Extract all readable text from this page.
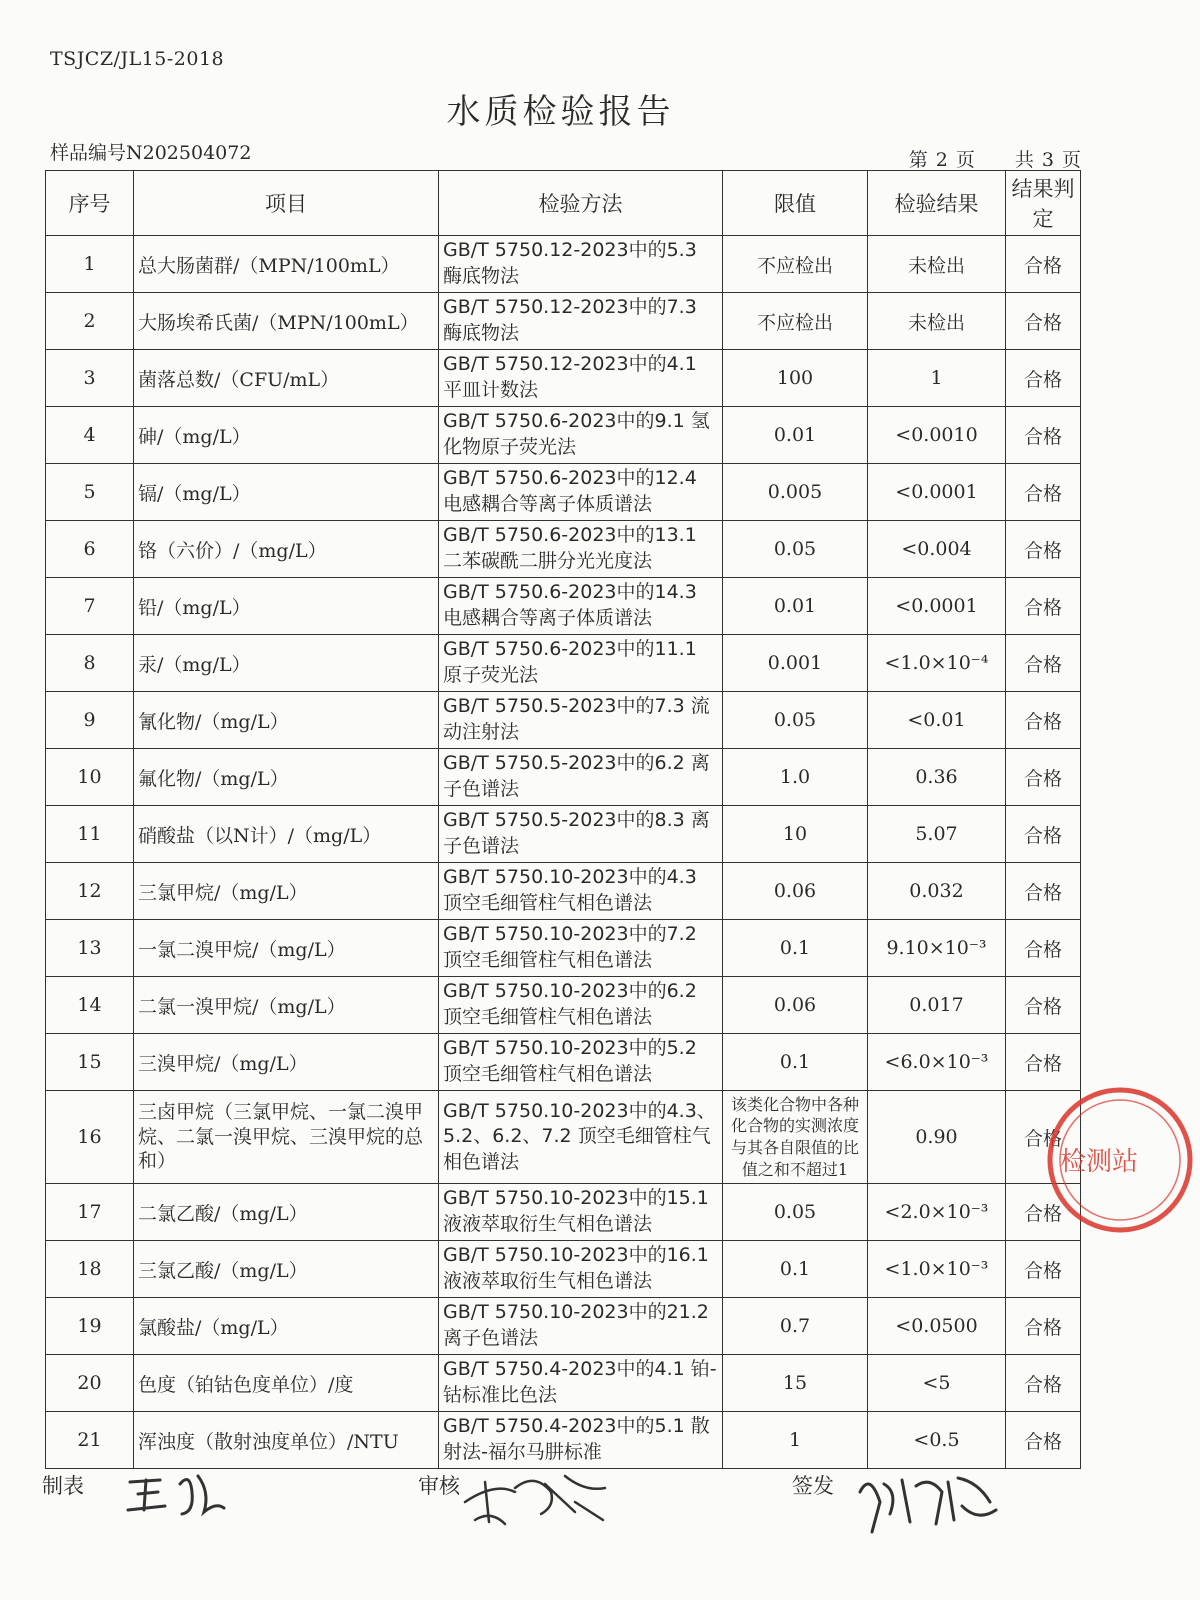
TSJCZ/JL15-2018
水质检验报告
样品编号N202504072	第 2 页 共 3 页
序号	项目	检验方法	限值	检验结果	结果判定
1	总大肠菌群/（MPN/100mL）	GB/T 5750.12-2023中的5.3 酶底物法	不应检出	未检出	合格
2	大肠埃希氏菌/（MPN/100mL）	GB/T 5750.12-2023中的7.3 酶底物法	不应检出	未检出	合格
3	菌落总数/（CFU/mL）	GB/T 5750.12-2023中的4.1 平皿计数法	100	1	合格
4	砷/（mg/L）	GB/T 5750.6-2023中的9.1 氢化物原子荧光法	0.01	<0.0010	合格
5	镉/（mg/L）	GB/T 5750.6-2023中的12.4 电感耦合等离子体质谱法	0.005	<0.0001	合格
6	铬（六价）/（mg/L）	GB/T 5750.6-2023中的13.1 二苯碳酰二肼分光光度法	0.05	<0.004	合格
7	铅/（mg/L）	GB/T 5750.6-2023中的14.3 电感耦合等离子体质谱法	0.01	<0.0001	合格
8	汞/（mg/L）	GB/T 5750.6-2023中的11.1 原子荧光法	0.001	<1.0×10⁻⁴	合格
9	氰化物/（mg/L）	GB/T 5750.5-2023中的7.3 流动注射法	0.05	<0.01	合格
10	氟化物/（mg/L）	GB/T 5750.5-2023中的6.2 离子色谱法	1.0	0.36	合格
11	硝酸盐（以N计）/（mg/L）	GB/T 5750.5-2023中的8.3 离子色谱法	10	5.07	合格
12	三氯甲烷/（mg/L）	GB/T 5750.10-2023中的4.3 顶空毛细管柱气相色谱法	0.06	0.032	合格
13	一氯二溴甲烷/（mg/L）	GB/T 5750.10-2023中的7.2 顶空毛细管柱气相色谱法	0.1	9.10×10⁻³	合格
14	二氯一溴甲烷/（mg/L）	GB/T 5750.10-2023中的6.2 顶空毛细管柱气相色谱法	0.06	0.017	合格
15	三溴甲烷/（mg/L）	GB/T 5750.10-2023中的5.2 顶空毛细管柱气相色谱法	0.1	<6.0×10⁻³	合格
16	三卤甲烷（三氯甲烷、一氯二溴甲烷、二氯一溴甲烷、三溴甲烷的总和）	GB/T 5750.10-2023中的4.3、5.2、6.2、7.2 顶空毛细管柱气相色谱法	该类化合物中各种化合物的实测浓度与其各自限值的比值之和不超过1	0.90	合格
17	二氯乙酸/（mg/L）	GB/T 5750.10-2023中的15.1 液液萃取衍生气相色谱法	0.05	<2.0×10⁻³	合格
18	三氯乙酸/（mg/L）	GB/T 5750.10-2023中的16.1 液液萃取衍生气相色谱法	0.1	<1.0×10⁻³	合格
19	氯酸盐/（mg/L）	GB/T 5750.10-2023中的21.2 离子色谱法	0.7	<0.0500	合格
20	色度（铂钴色度单位）/度	GB/T 5750.4-2023中的4.1 铂-钴标准比色法	15	<5	合格
21	浑浊度（散射浊度单位）/NTU	GB/T 5750.4-2023中的5.1 散射法-福尔马肼标准	1	<0.5	合格
制表	审核	签发
检测站
